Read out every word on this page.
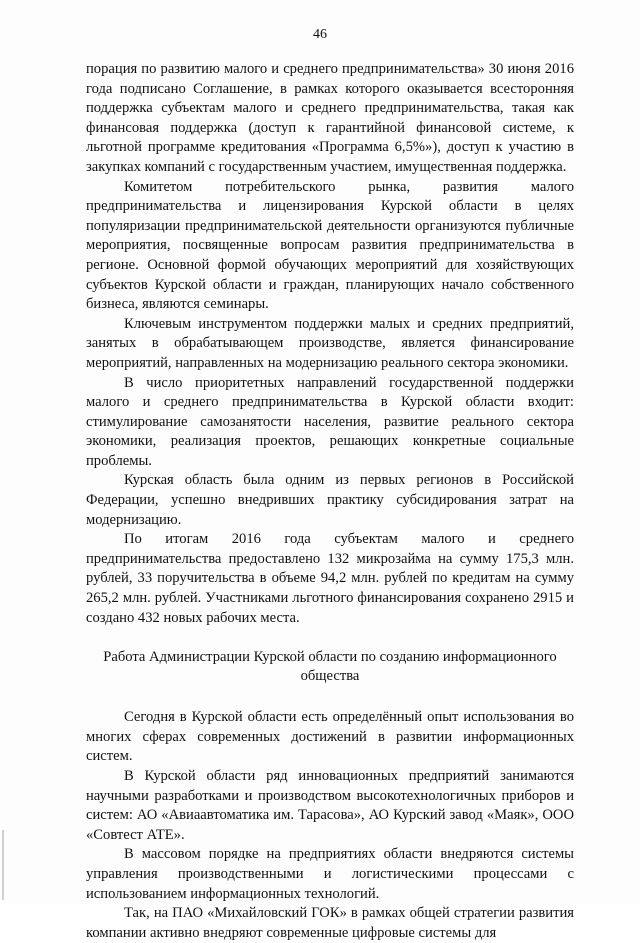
46

порация по развитию малого и среднего предпринимательства» 30 июня 2016 года подписано Соглашение, в рамках которого оказывается всесторонняя поддержка субъектам малого и среднего предпринимательства, такая как финансовая поддержка (доступ к гарантийной финансовой системе, к льготной программе кредитования «Программа 6,5%»), доступ к участию в закупках компаний с государственным участием, имущественная поддержка.

Комитетом потребительского рынка, развития малого предпринимательства и лицензирования Курской области в целях популяризации предпринимательской деятельности организуются публичные мероприятия, посвященные вопросам развития предпринимательства в регионе. Основной формой обучающих мероприятий для хозяйствующих субъектов Курской области и граждан, планирующих начало собственного бизнеса, являются семинары.

Ключевым инструментом поддержки малых и средних предприятий, занятых в обрабатывающем производстве, является финансирование мероприятий, направленных на модернизацию реального сектора экономики.

В число приоритетных направлений государственной поддержки малого и среднего предпринимательства в Курской области входит: стимулирование самозанятости населения, развитие реального сектора экономики, реализация проектов, решающих конкретные социальные проблемы.

Курская область была одним из первых регионов в Российской Федерации, успешно внедривших практику субсидирования затрат на модернизацию.

По итогам 2016 года субъектам малого и среднего предпринимательства предоставлено 132 микрозайма на сумму 175,3 млн. рублей, 33 поручительства в объеме 94,2 млн. рублей по кредитам на сумму 265,2 млн. рублей. Участниками льготного финансирования сохранено 2915 и создано 432 новых рабочих места.

Работа Администрации Курской области по созданию информационного общества

Сегодня в Курской области есть определённый опыт использования во многих сферах современных достижений в развитии информационных систем.

В Курской области ряд инновационных предприятий занимаются научными разработками и производством высокотехнологичных приборов и систем: АО «Авиаавтоматика им. Тарасова», АО Курский завод «Маяк», ООО «Совтест АТЕ».

В массовом порядке на предприятиях области внедряются системы управления производственными и логистическими процессами с использованием информационных технологий.

Так, на ПАО «Михайловский ГОК» в рамках общей стратегии развития компании активно внедряют современные цифровые системы для
